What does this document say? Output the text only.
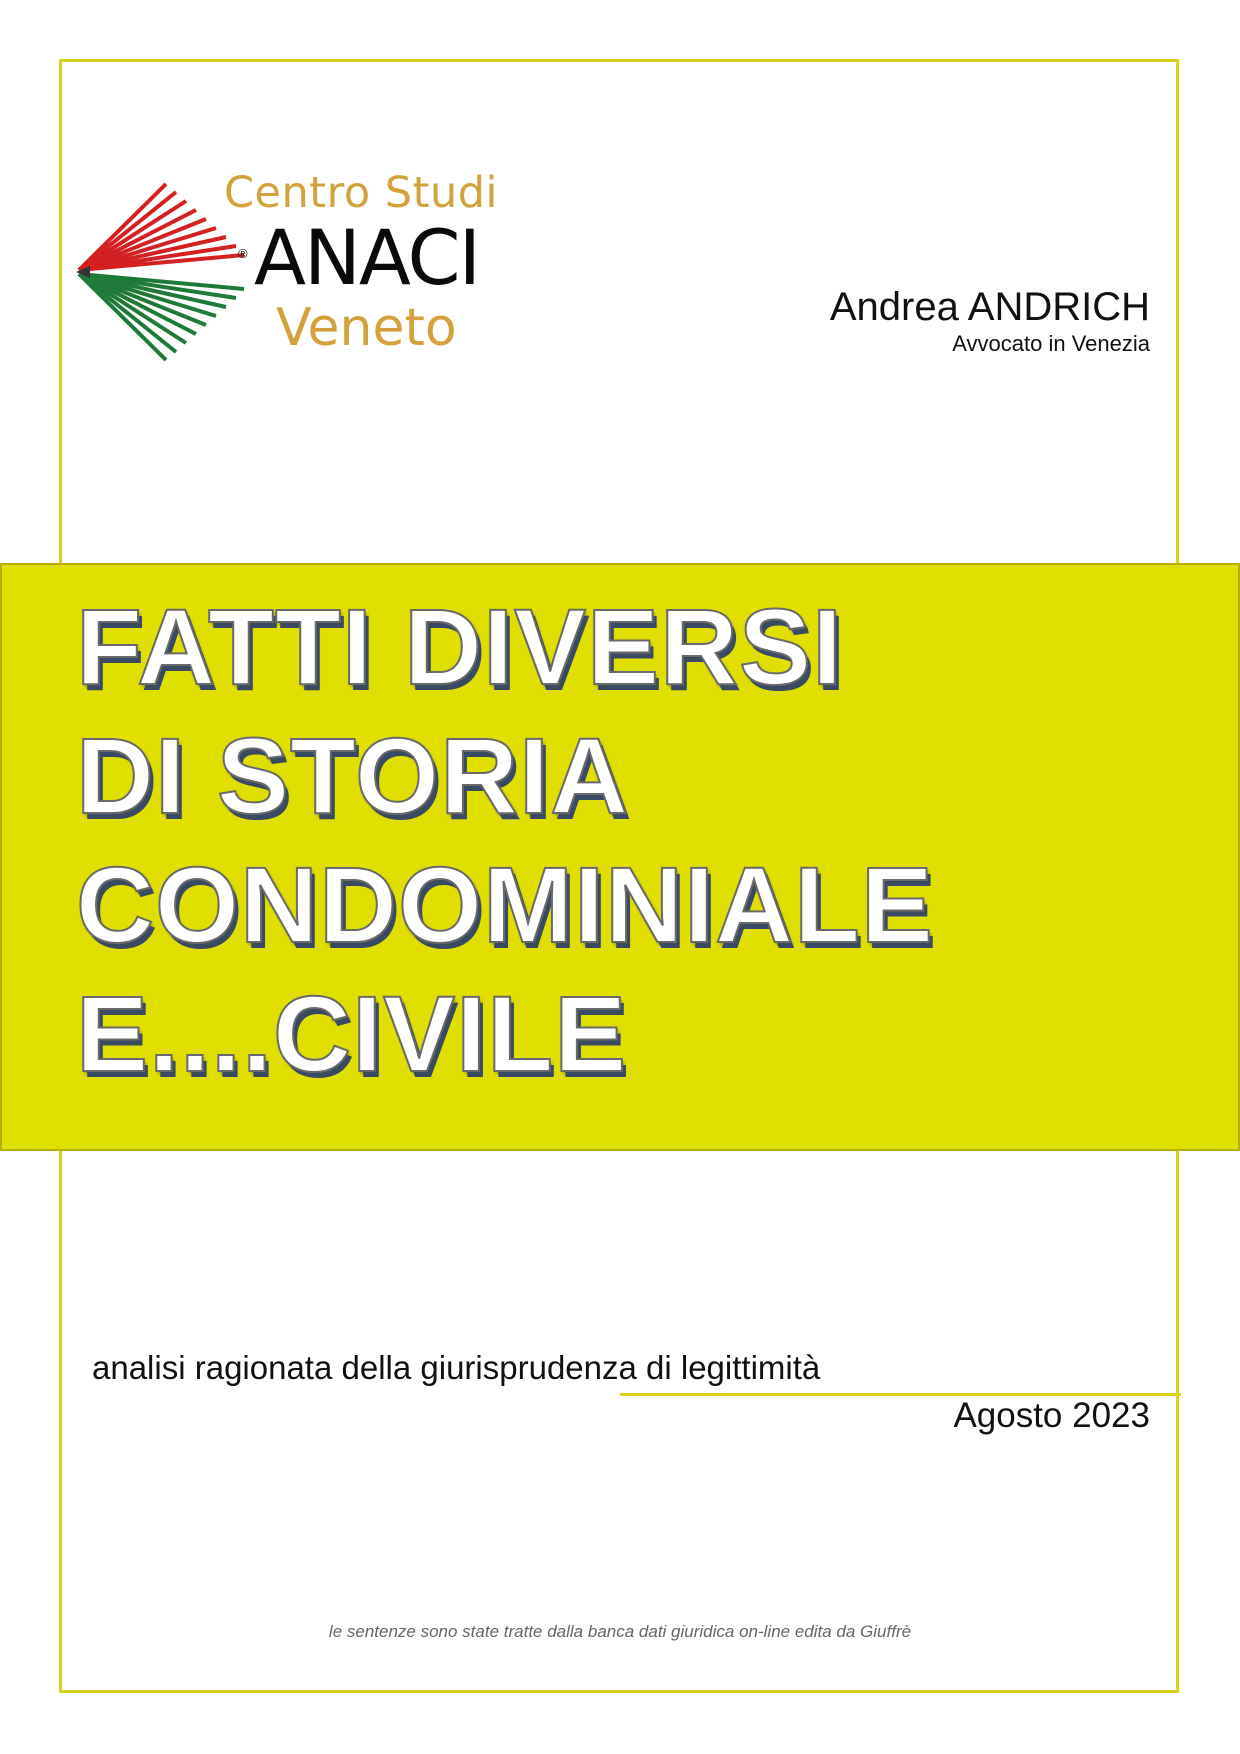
Centro Studi
® ANACI
Veneto	Andrea ANDRICH
Avvocato in Venezia
FATTI DIVERSI
DI STORIA
CONDOMINIALE
E....CIVILE
analisi ragionata della giurisprudenza di legittimità
Agosto 2023
le sentenze sono state tratte dalla banca dati giuridica on-line edita da Giuffrè
